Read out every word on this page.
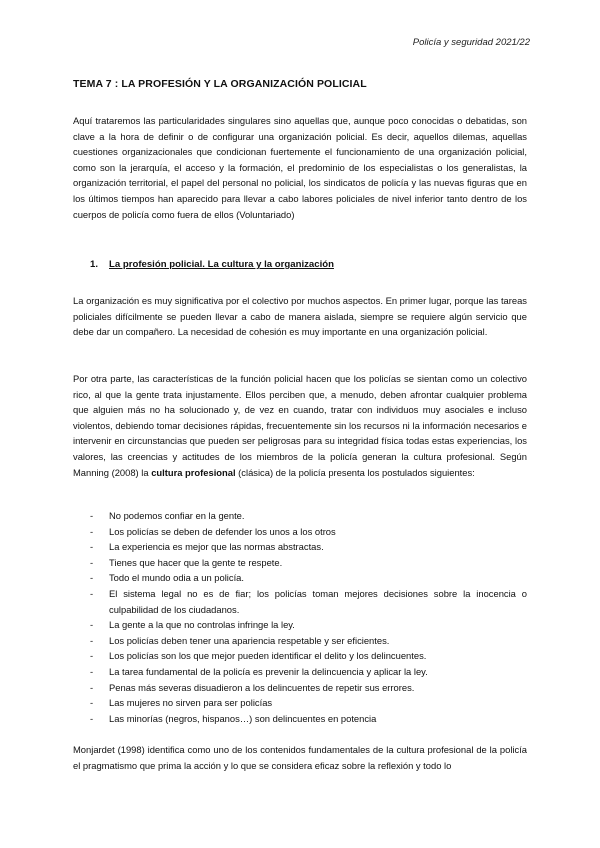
Policía y seguridad 2021/22
TEMA 7 : LA PROFESIÓN Y LA ORGANIZACIÓN POLICIAL
Aquí trataremos las particularidades singulares sino aquellas que, aunque poco conocidas o debatidas, son clave a la hora de definir o de configurar una organización policial. Es decir, aquellos dilemas, aquellas cuestiones organizacionales que condicionan fuertemente el funcionamiento de una organización policial, como son la jerarquía, el acceso y la formación, el predominio de los especialistas o los generalistas, la organización territorial, el papel del personal no policial, los sindicatos de policía y las nuevas figuras que en los últimos tiempos han aparecido para llevar a cabo labores policiales de nivel inferior tanto dentro de los cuerpos de policía como fuera de ellos (Voluntariado)
1. La profesión policial. La cultura y la organización
La organización es muy significativa por el colectivo por muchos aspectos. En primer lugar, porque las tareas policiales difícilmente se pueden llevar a cabo de manera aislada, siempre se requiere algún servicio que debe dar un compañero. La necesidad de cohesión es muy importante en una organización policial.
Por otra parte, las características de la función policial hacen que los policías se sientan como un colectivo rico, al que la gente trata injustamente. Ellos perciben que, a menudo, deben afrontar cualquier problema que alguien más no ha solucionado y, de vez en cuando, tratar con individuos muy asociales e incluso violentos, debiendo tomar decisiones rápidas, frecuentemente sin los recursos ni la información necesarios e intervenir en circunstancias que pueden ser peligrosas para su integridad física todas estas experiencias, los valores, las creencias y actitudes de los miembros de la policía generan la cultura profesional. Según Manning (2008) la cultura profesional (clásica) de la policía presenta los postulados siguientes:
- No podemos confiar en la gente.
- Los policías se deben de defender los unos a los otros
- La experiencia es mejor que las normas abstractas.
- Tienes que hacer que la gente te respete.
- Todo el mundo odia a un policía.
- El sistema legal no es de fiar; los policías toman mejores decisiones sobre la inocencia o culpabilidad de los ciudadanos.
- La gente a la que no controlas infringe la ley.
- Los policías deben tener una apariencia respetable y ser eficientes.
- Los policías son los que mejor pueden identificar el delito y los delincuentes.
- La tarea fundamental de la policía es prevenir la delincuencia y aplicar la ley.
- Penas más severas disuadieron a los delincuentes de repetir sus errores.
- Las mujeres no sirven para ser policías
- Las minorías (negros, hispanos…) son delincuentes en potencia
Monjardet (1998) identifica como uno de los contenidos fundamentales de la cultura profesional de la policía el pragmatismo que prima la acción y lo que se considera eficaz sobre la reflexión y todo lo
